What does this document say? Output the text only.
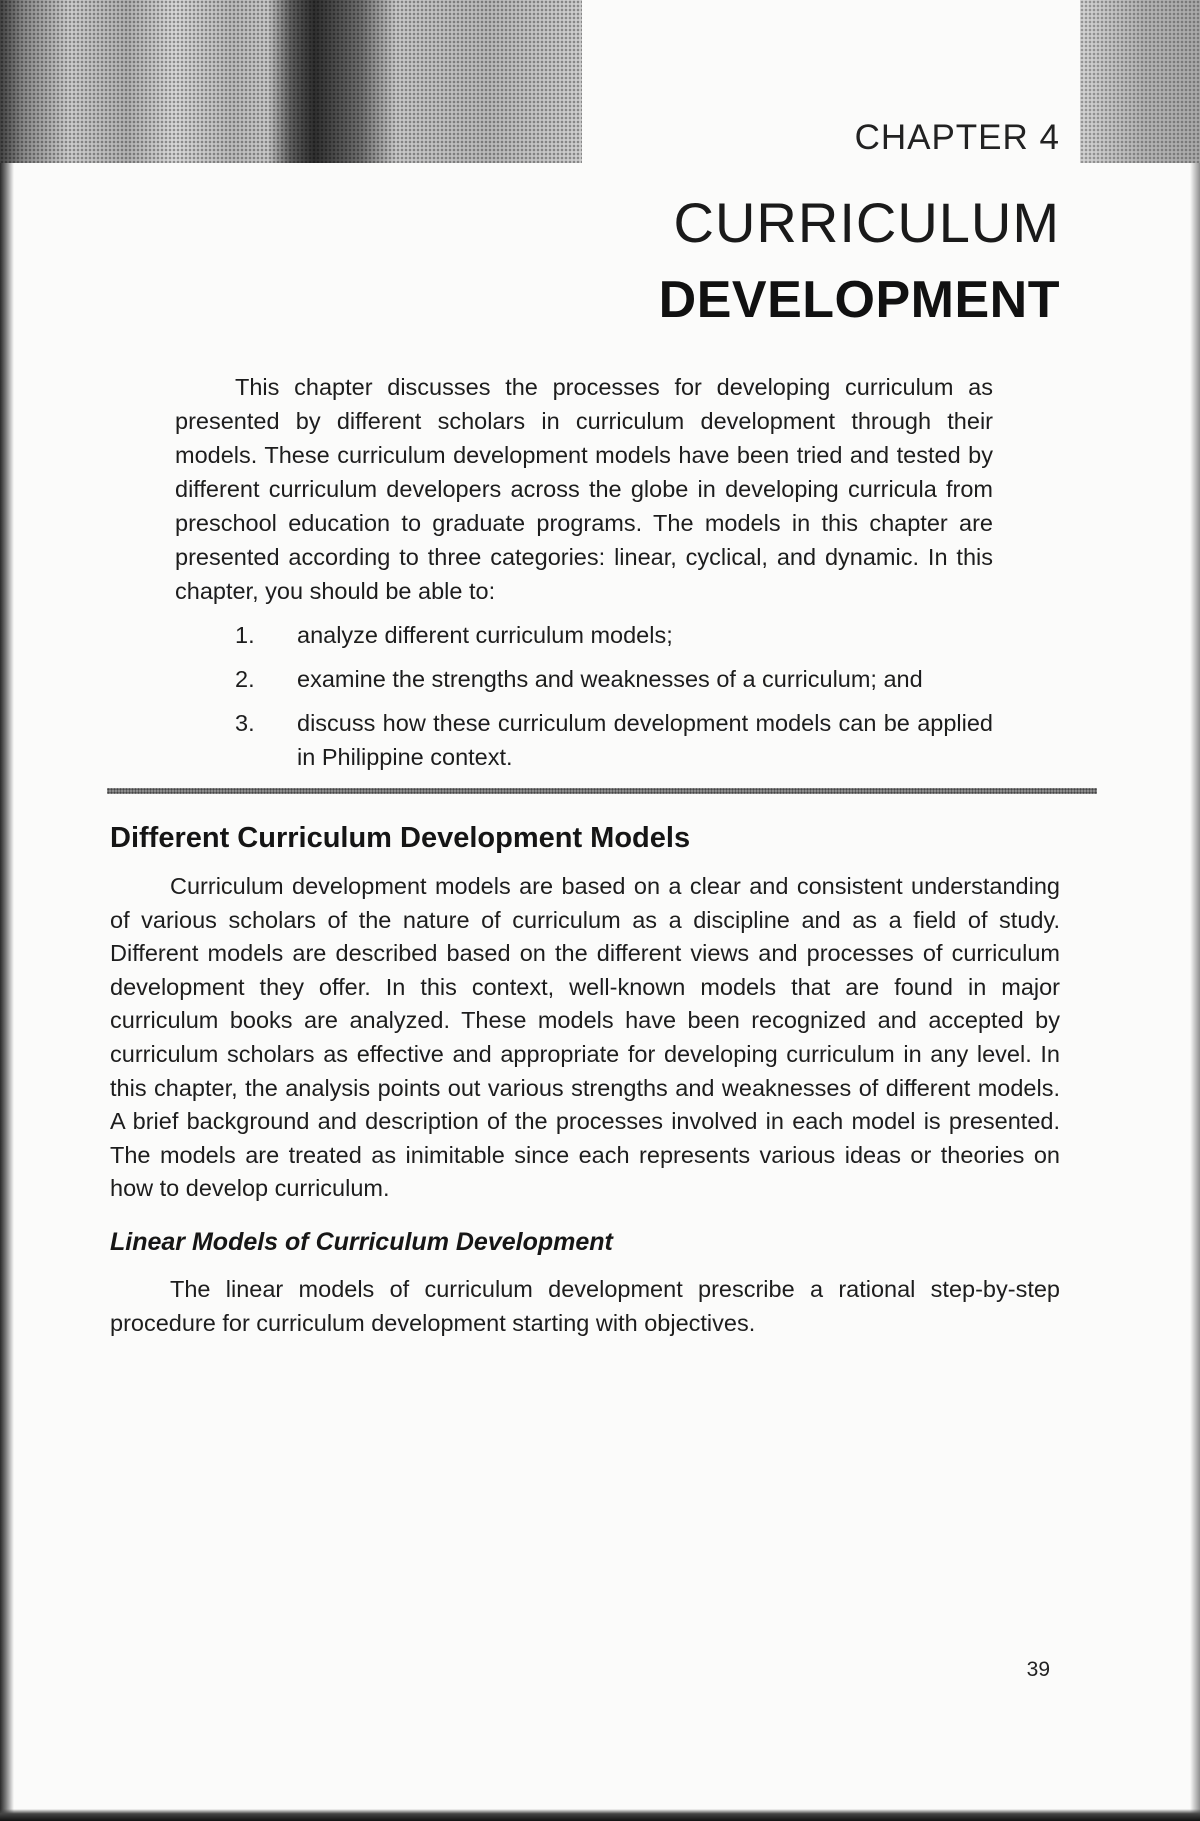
CHAPTER 4
CURRICULUM
DEVELOPMENT

This chapter discusses the processes for developing curriculum as presented by different scholars in curriculum development through their models. These curriculum development models have been tried and tested by different curriculum developers across the globe in developing curricula from preschool education to graduate programs. The models in this chapter are presented according to three categories: linear, cyclical, and dynamic. In this chapter, you should be able to:

1. analyze different curriculum models;
2. examine the strengths and weaknesses of a curriculum; and
3. discuss how these curriculum development models can be applied in Philippine context.
Different Curriculum Development Models

Curriculum development models are based on a clear and consistent understanding of various scholars of the nature of curriculum as a discipline and as a field of study. Different models are described based on the different views and processes of curriculum development they offer. In this context, well-known models that are found in major curriculum books are analyzed. These models have been recognized and accepted by curriculum scholars as effective and appropriate for developing curriculum in any level. In this chapter, the analysis points out various strengths and weaknesses of different models. A brief background and description of the processes involved in each model is presented. The models are treated as inimitable since each represents various ideas or theories on how to develop curriculum.

Linear Models of Curriculum Development

The linear models of curriculum development prescribe a rational step-by-step procedure for curriculum development starting with objectives.

39
